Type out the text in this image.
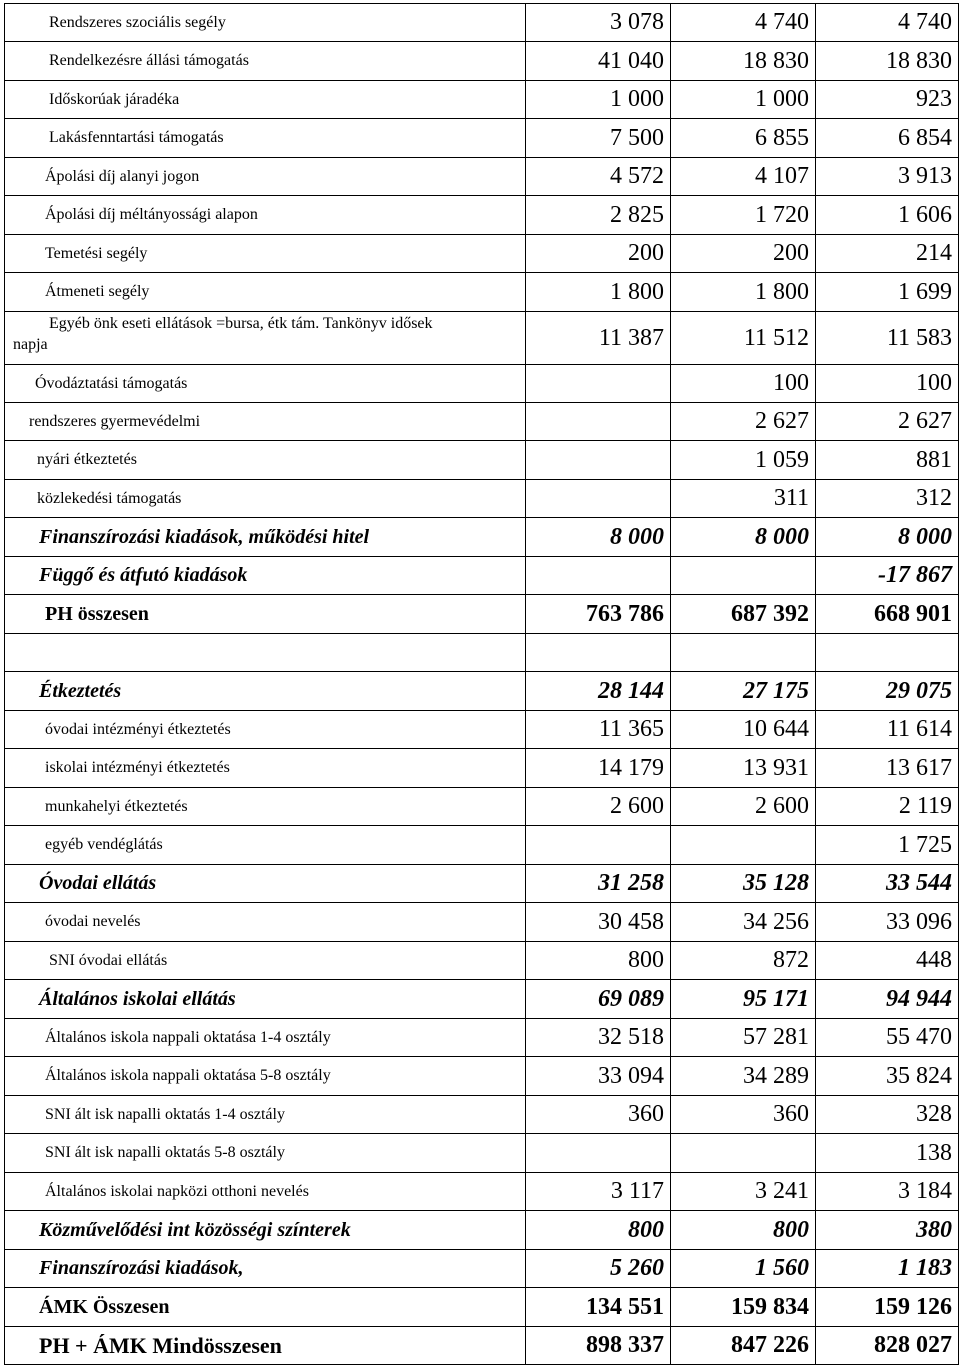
Rendszeres szociális segély	3 078	4 740	4 740
Rendelkezésre állási támogatás	41 040	18 830	18 830
Időskorúak járadéka	1 000	1 000	923
Lakásfenntartási támogatás	7 500	6 855	6 854
Ápolási díj alanyi jogon	4 572	4 107	3 913
Ápolási díj méltányossági alapon	2 825	1 720	1 606
Temetési segély	200	200	214
Átmeneti segély	1 800	1 800	1 699

Egyéb önk eseti ellátások =bursa, étk tám. Tankönyv idősek
napja	11 387	11 512	11 583
Óvodáztatási támogatás		100	100
rendszeres gyermevédelmi		2 627	2 627
nyári étkeztetés		1 059	881
közlekedési támogatás		311	312
Finanszírozási kiadások, működési hitel	8 000	8 000	8 000
Függő és átfutó kiadások			-17 867
PH összesen	763 786	687 392	668 901

Étkeztetés	28 144	27 175	29 075
óvodai intézményi étkeztetés	11 365	10 644	11 614
iskolai intézményi étkeztetés	14 179	13 931	13 617
munkahelyi étkeztetés	2 600	2 600	2 119
egyéb vendéglátás			1 725
Óvodai ellátás	31 258	35 128	33 544
óvodai nevelés	30 458	34 256	33 096
SNI óvodai ellátás	800	872	448
Általános iskolai ellátás	69 089	95 171	94 944
Általános iskola nappali oktatása 1-4 osztály	32 518	57 281	55 470
Általános iskola nappali oktatása 5-8 osztály	33 094	34 289	35 824
SNI ált isk napalli oktatás 1-4 osztály	360	360	328
SNI ált isk napalli oktatás 5-8 osztály			138
Általános iskolai napközi otthoni nevelés	3 117	3 241	3 184
Közművelődési int közösségi színterek	800	800	380
Finanszírozási kiadások,	5 260	1 560	1 183
ÁMK Összesen	134 551	159 834	159 126
PH + ÁMK Mindösszesen	898 337	847 226	828 027
